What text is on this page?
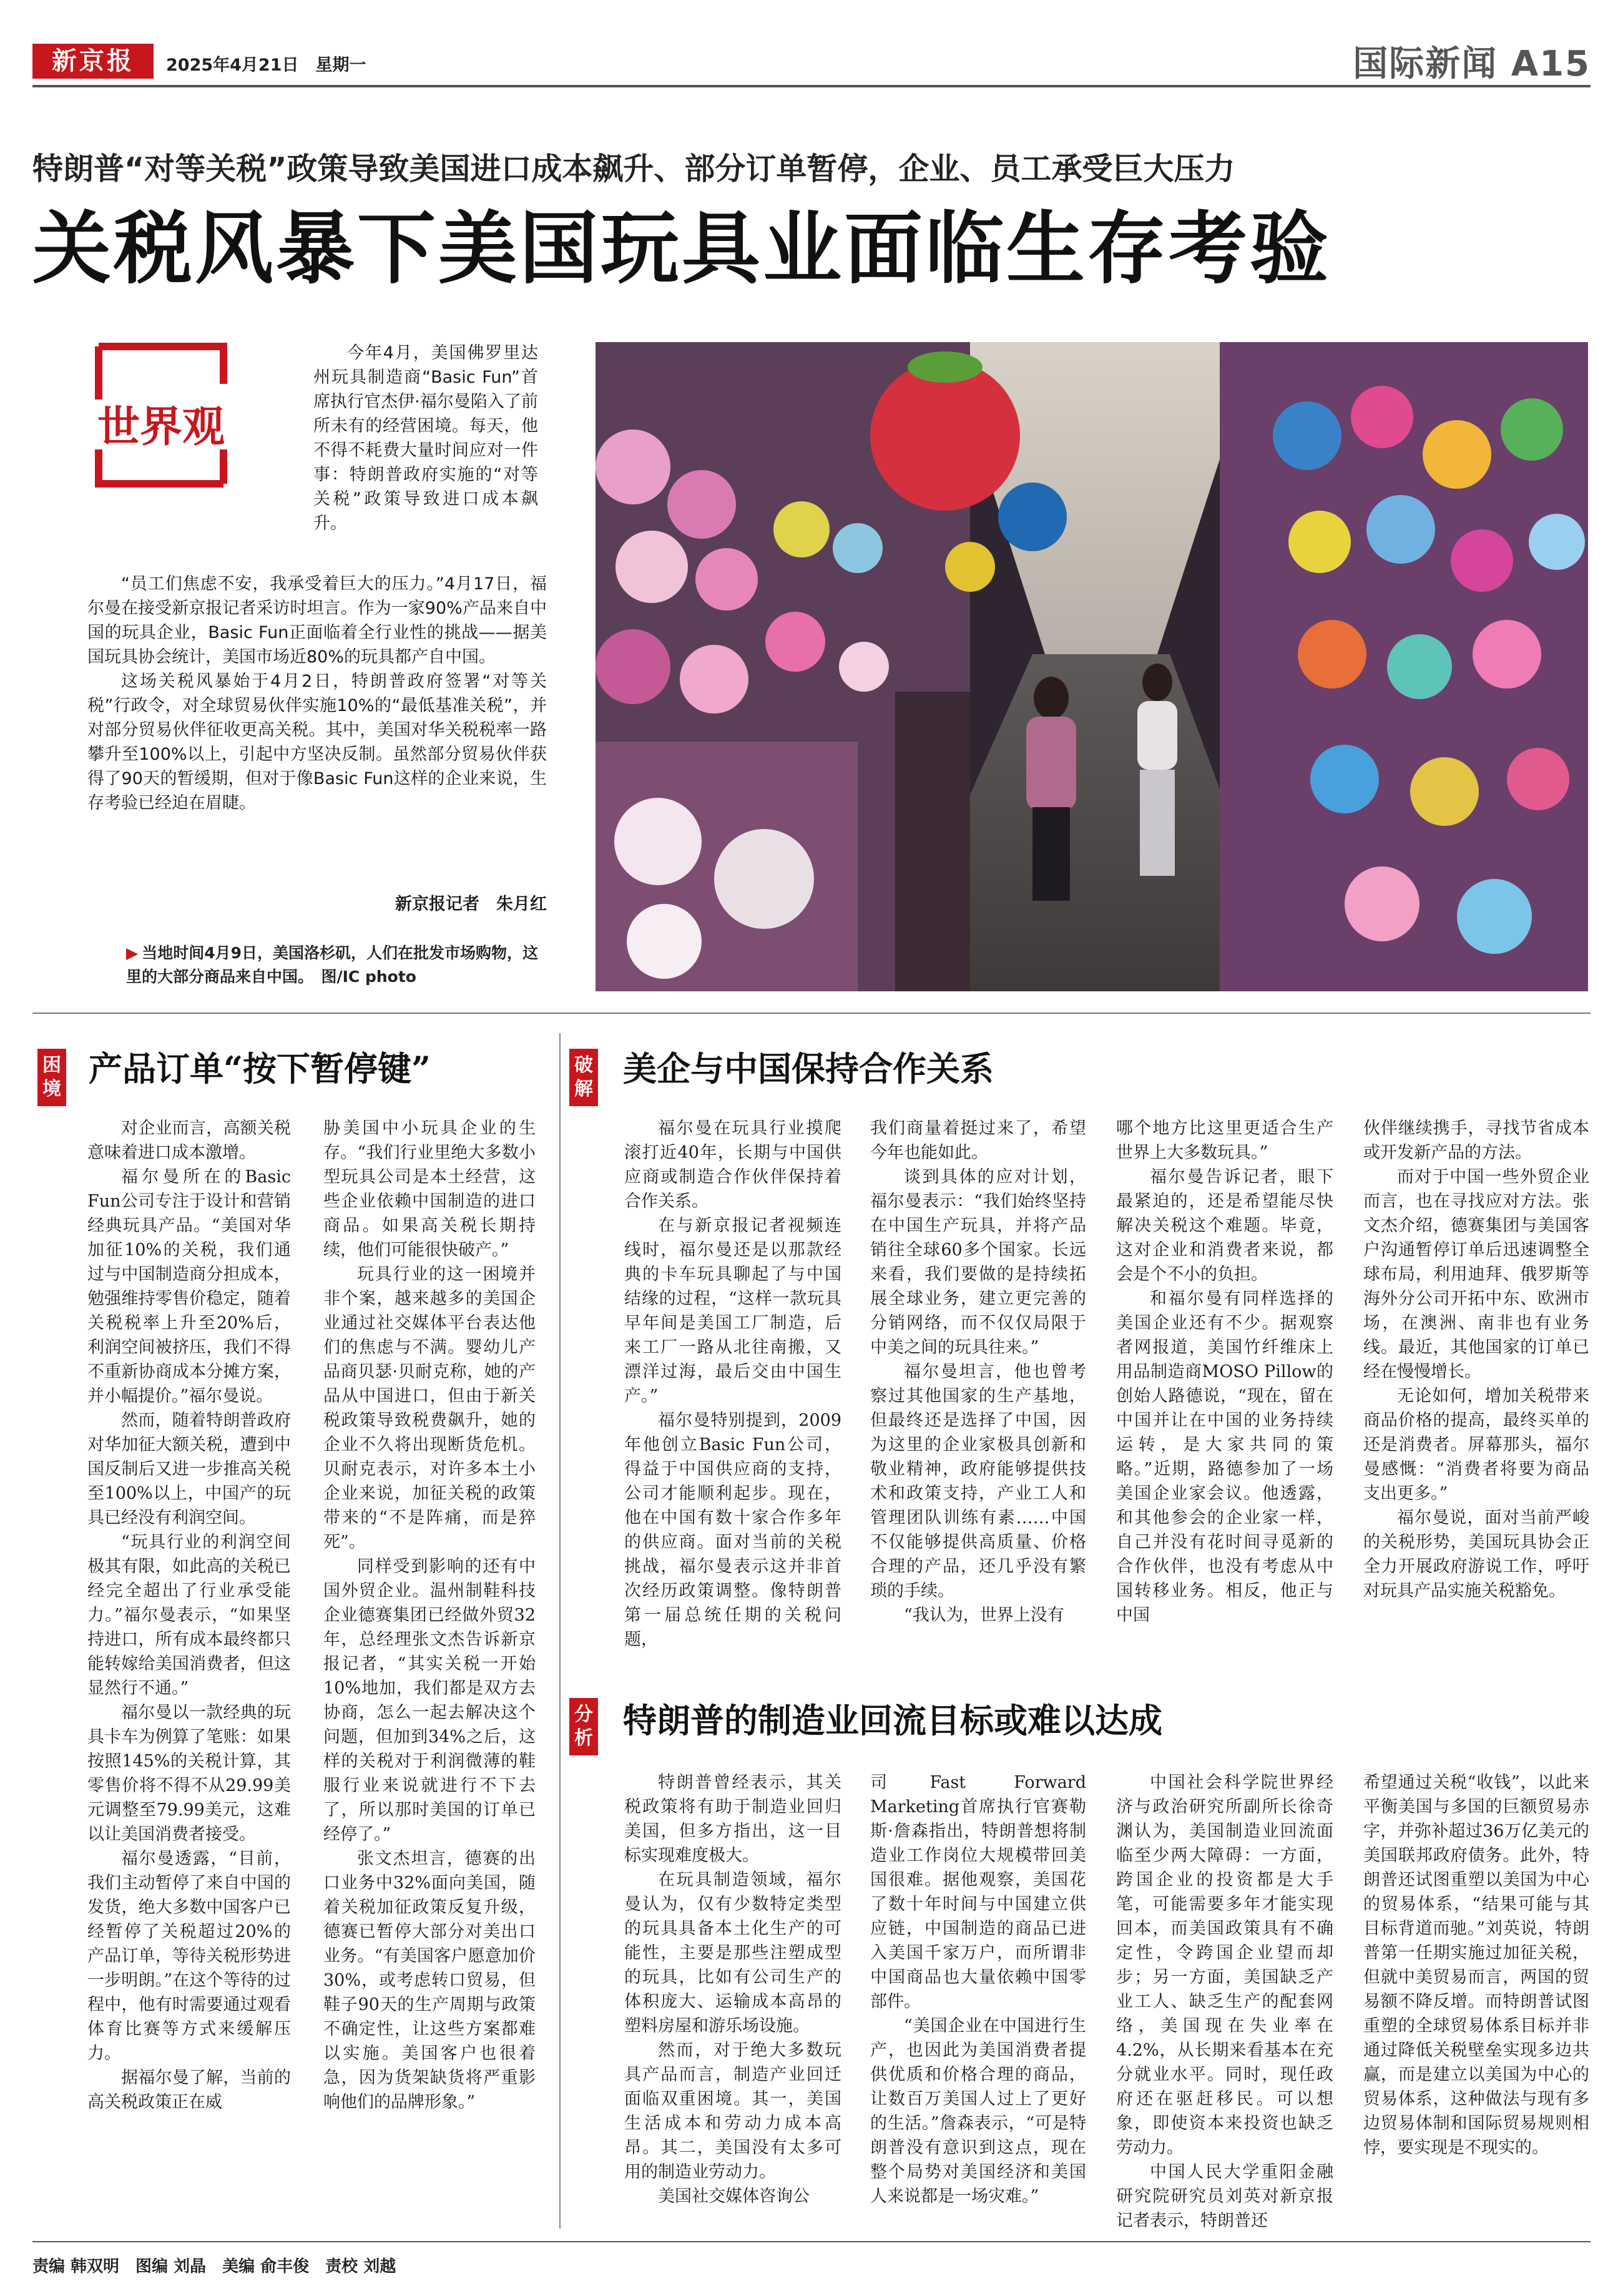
新京报	2025年4月21日　星期一	国际新闻 A15
特朗普“对等关税”政策导致美国进口成本飙升、部分订单暂停，企业、员工承受巨大压力
关税风暴下美国玩具业面临生存考验
世界观

今年4月，美国佛罗里达州玩具制造商“Basic Fun”首席执行官杰伊·福尔曼陷入了前所未有的经营困境。每天，他不得不耗费大量时间应对一件事：特朗普政府实施的“对等关税”政策导致进口成本飙升。

“员工们焦虑不安，我承受着巨大的压力。”4月17日，福尔曼在接受新京报记者采访时坦言。作为一家90%产品来自中国的玩具企业，Basic Fun正面临着全行业性的挑战——据美国玩具协会统计，美国市场近80%的玩具都产自中国。

这场关税风暴始于4月2日，特朗普政府签署“对等关税”行政令，对全球贸易伙伴实施10%的“最低基准关税”，并对部分贸易伙伴征收更高关税。其中，美国对华关税税率一路攀升至100%以上，引起中方坚决反制。虽然部分贸易伙伴获得了90天的暂缓期，但对于像Basic Fun这样的企业来说，生存考验已经迫在眉睫。

新京报记者　朱月红
▶ 当地时间4月9日，美国洛杉矶，人们在批发市场购物，这里的大部分商品来自中国。　图/IC photo
困境
产品订单“按下暂停键”

对企业而言，高额关税意味着进口成本激增。

福尔曼所在的Basic Fun公司专注于设计和营销经典玩具产品。“美国对华加征10%的关税，我们通过与中国制造商分担成本，勉强维持零售价稳定，随着关税税率上升至20%后，利润空间被挤压，我们不得不重新协商成本分摊方案，并小幅提价。”福尔曼说。

然而，随着特朗普政府对华加征大额关税，遭到中国反制后又进一步推高关税至100%以上，中国产的玩具已经没有利润空间。

“玩具行业的利润空间极其有限，如此高的关税已经完全超出了行业承受能力。”福尔曼表示，“如果坚持进口，所有成本最终都只能转嫁给美国消费者，但这显然行不通。”

福尔曼以一款经典的玩具卡车为例算了笔账：如果按照145%的关税计算，其零售价将不得不从29.99美元调整至79.99美元，这难以让美国消费者接受。

福尔曼透露，“目前，我们主动暂停了来自中国的发货，绝大多数中国客户已经暂停了关税超过20%的产品订单，等待关税形势进一步明朗。”在这个等待的过程中，他有时需要通过观看体育比赛等方式来缓解压力。

据福尔曼了解，当前的高关税政策正在威

胁美国中小玩具企业的生存。“我们行业里绝大多数小型玩具公司是本土经营，这些企业依赖中国制造的进口商品。如果高关税长期持续，他们可能很快破产。”

玩具行业的这一困境并非个案，越来越多的美国企业通过社交媒体平台表达他们的焦虑与不满。婴幼儿产品商贝瑟·贝耐克称，她的产品从中国进口，但由于新关税政策导致税费飙升，她的企业不久将出现断货危机。贝耐克表示，对许多本土小企业来说，加征关税的政策带来的“不是阵痛，而是猝死”。

同样受到影响的还有中国外贸企业。温州制鞋科技企业德赛集团已经做外贸32年，总经理张文杰告诉新京报记者，“其实关税一开始10%地加，我们都是双方去协商，怎么一起去解决这个问题，但加到34%之后，这样的关税对于利润微薄的鞋服行业来说就进行不下去了，所以那时美国的订单已经停了。”

张文杰坦言，德赛的出口业务中32%面向美国，随着关税加征政策反复升级，德赛已暂停大部分对美出口业务。“有美国客户愿意加价30%，或考虑转口贸易，但鞋子90天的生产周期与政策不确定性，让这些方案都难以实施。美国客户也很着急，因为货架缺货将严重影响他们的品牌形象。”

破解
美企与中国保持合作关系

福尔曼在玩具行业摸爬滚打近40年，长期与中国供应商或制造合作伙伴保持着合作关系。

在与新京报记者视频连线时，福尔曼还是以那款经典的卡车玩具聊起了与中国结缘的过程，“这样一款玩具早年间是美国工厂制造，后来工厂一路从北往南搬，又漂洋过海，最后交由中国生产。”

福尔曼特别提到，2009年他创立Basic Fun公司，得益于中国供应商的支持，公司才能顺利起步。现在，他在中国有数十家合作多年的供应商。面对当前的关税挑战，福尔曼表示这并非首次经历政策调整。像特朗普第一届总统任期的关税问题，

我们商量着挺过来了，希望今年也能如此。

谈到具体的应对计划，福尔曼表示：“我们始终坚持在中国生产玩具，并将产品销往全球60多个国家。长远来看，我们要做的是持续拓展全球业务，建立更完善的分销网络，而不仅仅局限于中美之间的玩具往来。”

福尔曼坦言，他也曾考察过其他国家的生产基地，但最终还是选择了中国，因为这里的企业家极具创新和敬业精神，政府能够提供技术和政策支持，产业工人和管理团队训练有素……中国不仅能够提供高质量、价格合理的产品，还几乎没有繁琐的手续。

“我认为，世界上没有

哪个地方比这里更适合生产世界上大多数玩具。”

福尔曼告诉记者，眼下最紧迫的，还是希望能尽快解决关税这个难题。毕竟，这对企业和消费者来说，都会是个不小的负担。

和福尔曼有同样选择的美国企业还有不少。据观察者网报道，美国竹纤维床上用品制造商MOSO Pillow的创始人路德说，“现在，留在中国并让在中国的业务持续运转，是大家共同的策略。”近期，路德参加了一场美国企业家会议。他透露，和其他参会的企业家一样，自己并没有花时间寻觅新的合作伙伴，也没有考虑从中国转移业务。相反，他正与中国

伙伴继续携手，寻找节省成本或开发新产品的方法。

而对于中国一些外贸企业而言，也在寻找应对方法。张文杰介绍，德赛集团与美国客户沟通暂停订单后迅速调整全球布局，利用迪拜、俄罗斯等海外分公司开拓中东、欧洲市场，在澳洲、南非也有业务线。最近，其他国家的订单已经在慢慢增长。

无论如何，增加关税带来商品价格的提高，最终买单的还是消费者。屏幕那头，福尔曼感慨：“消费者将要为商品支出更多。”

福尔曼说，面对当前严峻的关税形势，美国玩具协会正全力开展政府游说工作，呼吁对玩具产品实施关税豁免。

分析 特朗普的制造业回流目标或难以达成

特朗普曾经表示，其关税政策将有助于制造业回归美国，但多方指出，这一目标实现难度极大。

在玩具制造领域，福尔曼认为，仅有少数特定类型的玩具具备本土化生产的可能性，主要是那些注塑成型的玩具，比如有公司生产的体积庞大、运输成本高昂的塑料房屋和游乐场设施。

然而，对于绝大多数玩具产品而言，制造产业回迁面临双重困境。其一，美国生活成本和劳动力成本高昂。其二，美国没有太多可用的制造业劳动力。

美国社交媒体咨询公

司Fast Forward Marketing首席执行官赛勒斯·詹森指出，特朗普想将制造业工作岗位大规模带回美国很难。据他观察，美国花了数十年时间与中国建立供应链，中国制造的商品已进入美国千家万户，而所谓非中国商品也大量依赖中国零部件。

“美国企业在中国进行生产，也因此为美国消费者提供优质和价格合理的商品，让数百万美国人过上了更好的生活。”詹森表示，“可是特朗普没有意识到这点，现在整个局势对美国经济和美国人来说都是一场灾难。”

中国社会科学院世界经济与政治研究所副所长徐奇渊认为，美国制造业回流面临至少两大障碍：一方面，跨国企业的投资都是大手笔，可能需要多年才能实现回本，而美国政策具有不确定性，令跨国企业望而却步；另一方面，美国缺乏产业工人、缺乏生产的配套网络，美国现在失业率在4.2%，从长期来看基本在充分就业水平。同时，现任政府还在驱赶移民。可以想象，即使资本来投资也缺乏劳动力。

中国人民大学重阳金融研究院研究员刘英对新京报记者表示，特朗普还

希望通过关税“收钱”，以此来平衡美国与多国的巨额贸易赤字，并弥补超过36万亿美元的美国联邦政府债务。此外，特朗普还试图重塑以美国为中心的贸易体系，“结果可能与其目标背道而驰。”刘英说，特朗普第一任期实施过加征关税，但就中美贸易而言，两国的贸易额不降反增。而特朗普试图重塑的全球贸易体系目标并非通过降低关税壁垒实现多边共赢，而是建立以美国为中心的贸易体系，这种做法与现有多边贸易体制和国际贸易规则相悖，要实现是不现实的。

责编 韩双明　图编 刘晶　美编 俞丰俊　责校 刘越
